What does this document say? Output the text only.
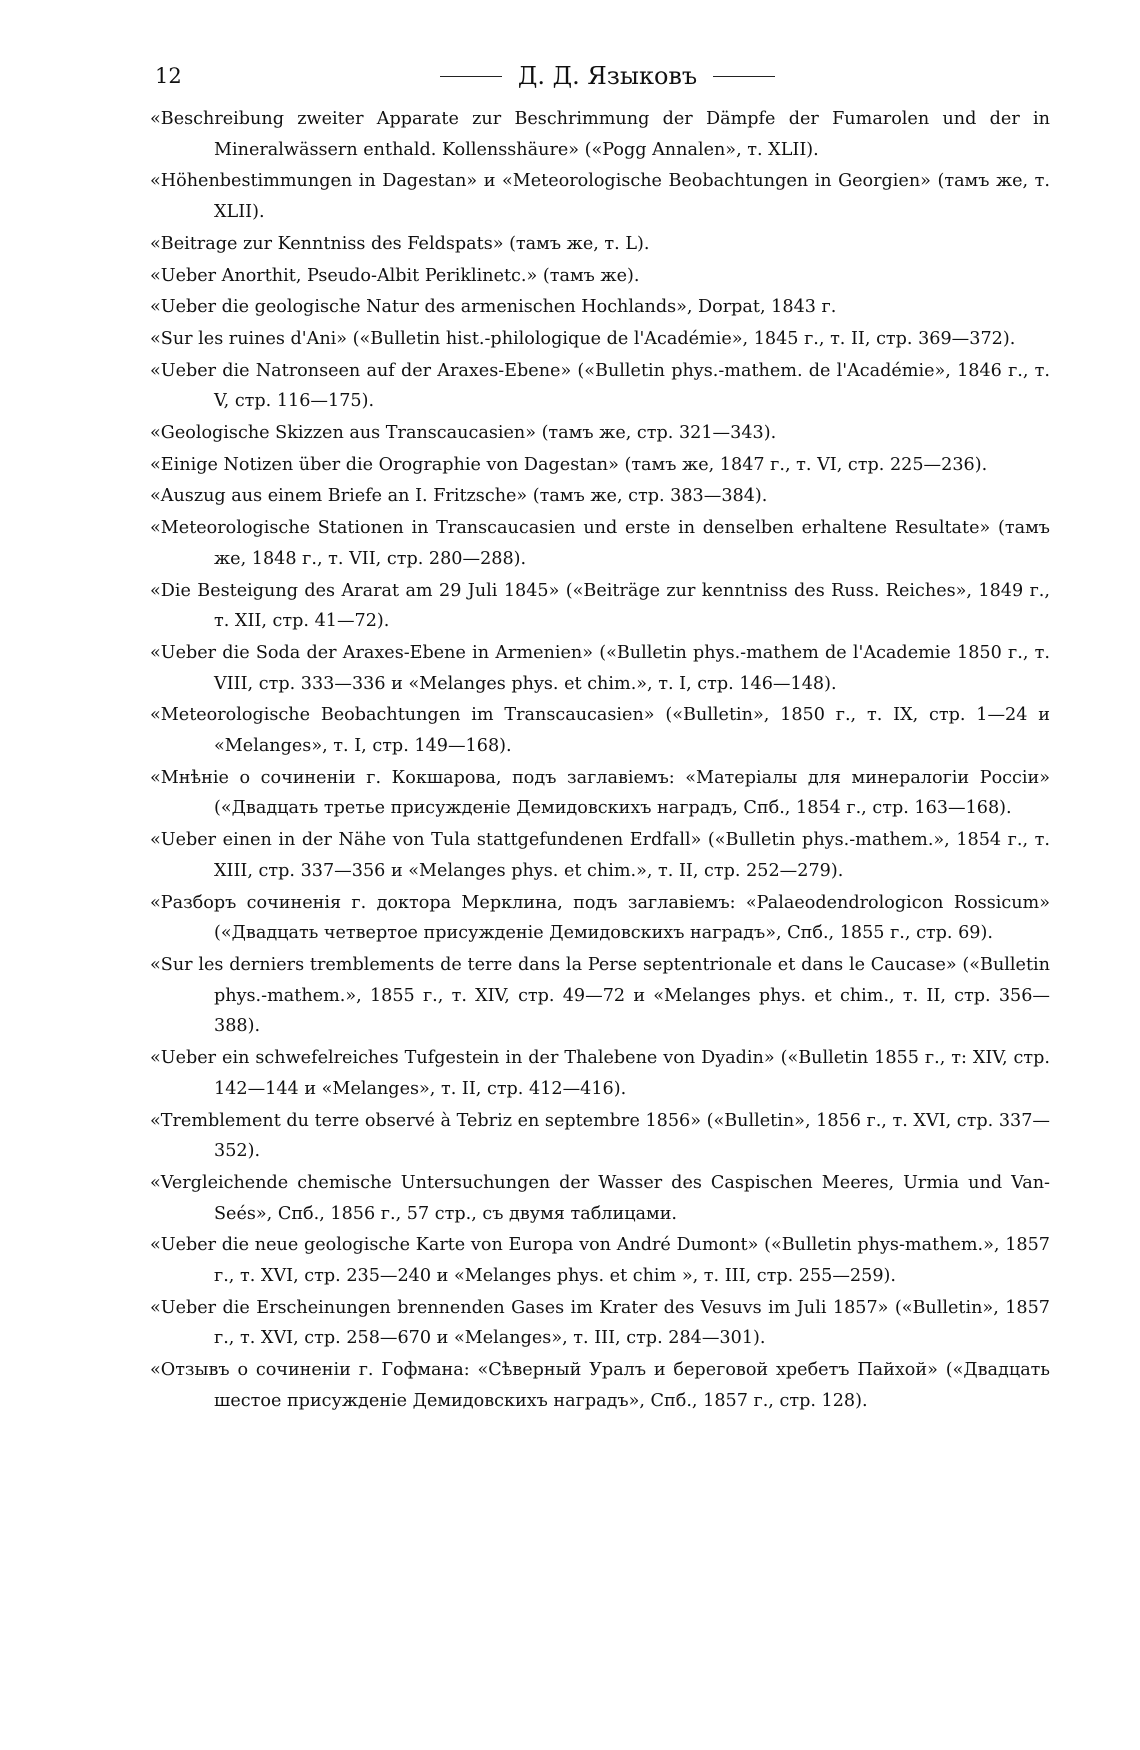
12	Д. Д. Языковъ
«Beschreibung zweiter Apparate zur Beschrimmung der Dämpfe der Fumarolen und der in Mineralwässern enthald. Kollensshäure» («Pogg Annalen», т. XLII).
«Höhenbestimmungen in Dagestan» и «Meteorologische Beobachtungen in Georgien» (тамъ же, т. XLII).
«Beitrage zur Kenntniss des Feldspats» (тамъ же, т. L).
«Ueber Anorthit, Pseudo-Albit Periklinetc.» (тамъ же).
«Ueber die geologische Natur des armenischen Hochlands», Dorpat, 1843 г.
«Sur les ruines d'Ani» («Bulletin hist.-philologique de l'Académie», 1845 г., т. II, стр. 369—372).
«Ueber die Natronseen auf der Araxes-Ebene» («Bulletin phys.-mathem. de l'Académie», 1846 г., т. V, стр. 116—175).
«Geologische Skizzen aus Transcaucasien» (тамъ же, стр. 321—343).
«Einige Notizen über die Orographie von Dagestan» (тамъ же, 1847 г., т. VI, стр. 225—236).
«Auszug aus einem Briefe an I. Fritzsche» (тамъ же, стр. 383—384).
«Meteorologische Stationen in Transcaucasien und erste in denselben erhaltene Resultate» (тамъ же, 1848 г., т. VII, стр. 280—288).
«Die Besteigung des Ararat am 29 Juli 1845» («Beiträge zur kenntniss des Russ. Reiches», 1849 г., т. XII, стр. 41—72).
«Ueber die Soda der Araxes-Ebene in Armenien» («Bulletin phys.-mathem de l'Academie 1850 г., т. VIII, стр. 333—336 и «Melanges phys. et chim.», т. I, стр. 146—148).
«Meteorologische Beobachtungen im Transcaucasien» («Bulletin», 1850 г., т. IX, стр. 1—24 и «Melanges», т. I, стр. 149—168).
«Мнѣніе о сочиненіи г. Кокшарова, подъ заглавіемъ: «Матеріалы для минералогіи Россіи» («Двадцать третье присужденіе Демидовскихъ наградъ, Спб., 1854 г., стр. 163—168).
«Ueber einen in der Nähe von Tula stattgefundenen Erdfall» («Bulletin phys.-mathem.», 1854 г., т. XIII, стр. 337—356 и «Melanges phys. et chim.», т. II, стр. 252—279).
«Разборъ сочиненія г. доктора Мерклина, подъ заглавіемъ: «Palaeodendrologicon Rossicum» («Двадцать четвертое присужденіе Демидовскихъ наградъ», Спб., 1855 г., стр. 69).
«Sur les derniers tremblements de terre dans la Perse septentrionale et dans le Caucase» («Bulletin phys.-mathem.», 1855 г., т. XIV, стр. 49—72 и «Melanges phys. et chim., т. II, стр. 356—388).
«Ueber ein schwefelreiches Tufgestein in der Thalebene von Dyadin» («Bulletin 1855 г., т: XIV, стр. 142—144 и «Melanges», т. II, стр. 412—416).
«Tremblement du terre observé à Tebriz en septembre 1856» («Bulletin», 1856 г., т. XVI, стр. 337—352).
«Vergleichende chemische Untersuchungen der Wasser des Caspischen Meeres, Urmia und Van-Seés», Спб., 1856 г., 57 стр., съ двумя таблицами.
«Ueber die neue geologische Karte von Europa von André Dumont» («Bulletin phys-mathem.», 1857 г., т. XVI, стр. 235—240 и «Melanges phys. et chim », т. III, стр. 255—259).
«Ueber die Erscheinungen brennenden Gases im Krater des Vesuvs im Juli 1857» («Bulletin», 1857 г., т. XVI, стр. 258—670 и «Melanges», т. III, стр. 284—301).
«Отзывъ о сочиненіи г. Гофмана: «Сѣверный Уралъ и береговой хребетъ Пайхой» («Двадцать шестое присужденіе Демидовскихъ наградъ», Спб., 1857 г., стр. 128).
